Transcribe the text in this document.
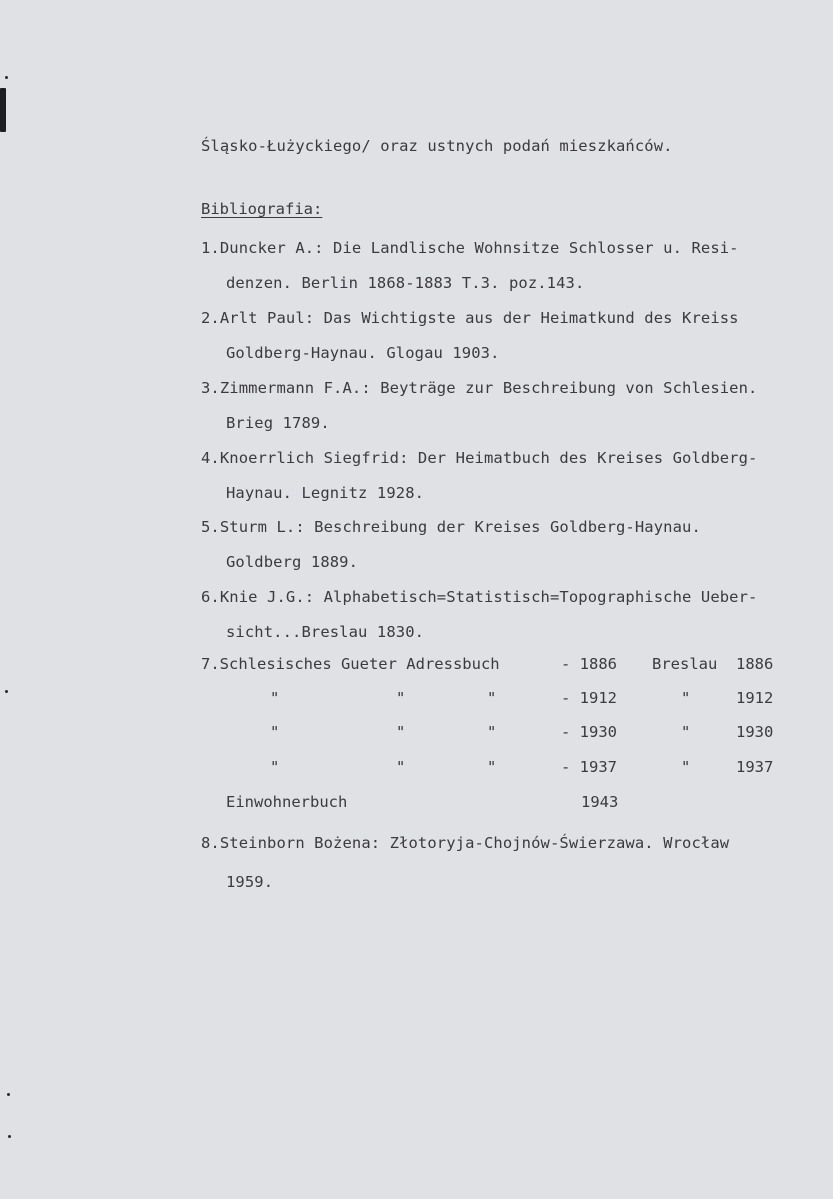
Śląsko-Łużyckiego/ oraz ustnych podań mieszkańców.
Bibliografia:
1.Duncker A.: Die Landlische Wohnsitze Schlosser u. Resi-
denzen. Berlin 1868-1883 T.3. poz.143.
2.Arlt Paul: Das Wichtigste aus der Heimatkund des Kreiss
Goldberg-Haynau. Glogau 1903.
3.Zimmermann F.A.: Beyträge zur Beschreibung von Schlesien.
Brieg 1789.
4.Knoerrlich Siegfrid: Der Heimatbuch des Kreises Goldberg-
Haynau. Legnitz 1928.
5.Sturm L.: Beschreibung der Kreises Goldberg-Haynau.
Goldberg 1889.
6.Knie J.G.: Alphabetisch=Statistisch=Topographische Ueber-
sicht...Breslau 1830.
7.Schlesisches Gueter Adressbuch	- 1886 Breslau 1886
"	"	"	- 1912	"	1912
"	"	"	- 1930	"	1930
"	"	"	- 1937	"	1937
Einwohnerbuch	1943
8.Steinborn Bożena: Złotoryja-Chojnów-Świerzawa. Wrocław
1959.
